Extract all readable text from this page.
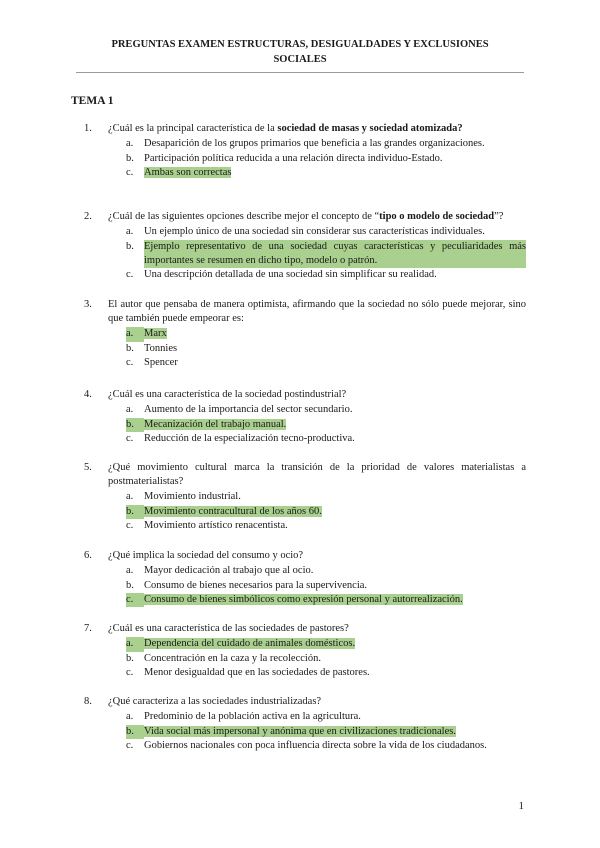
PREGUNTAS EXAMEN ESTRUCTURAS, DESIGUALDADES Y EXCLUSIONES
SOCIALES
TEMA 1
1.	¿Cuál es la principal característica de la sociedad de masas y sociedad atomizada?
a.	Desaparición de los grupos primarios que beneficia a las grandes organizaciones.
b. Participación política reducida a una relación directa individuo-Estado.
c.	Ambas son correctas
2.	¿Cuál de las siguientes opciones describe mejor el concepto de “tipo o modelo de sociedad”?
a.	Un ejemplo único de una sociedad sin considerar sus características individuales.
b. Ejemplo representativo de una sociedad cuyas características y peculiaridades más importantes se resumen en dicho tipo, modelo o patrón.
c.	Una descripción detallada de una sociedad sin simplificar su realidad.
3.	El autor que pensaba de manera optimista, afirmando que la sociedad no sólo puede mejorar, sino que también puede empeorar es:
a.	Marx
b. Tonnies
c.	Spencer
4.	¿Cuál es una característica de la sociedad postindustrial?
a.	Aumento de la importancia del sector secundario.
b. Mecanización del trabajo manual.
c.	Reducción de la especialización tecno-productiva.
5.	¿Qué movimiento cultural marca la transición de la prioridad de valores materialistas a postmaterialistas?
a.	Movimiento industrial.
b. Movimiento contracultural de los años 60.
c.	Movimiento artístico renacentista.
6.	¿Qué implica la sociedad del consumo y ocio?
a.	Mayor dedicación al trabajo que al ocio.
b. Consumo de bienes necesarios para la supervivencia.
c.	Consumo de bienes simbólicos como expresión personal y autorrealización.
7.	¿Cuál es una característica de las sociedades de pastores?
a.	Dependencia del cuidado de animales domésticos.
b. Concentración en la caza y la recolección.
c.	Menor desigualdad que en las sociedades de pastores.
8.	¿Qué caracteriza a las sociedades industrializadas?
a.	Predominio de la población activa en la agricultura.
b. Vida social más impersonal y anónima que en civilizaciones tradicionales.
c.	Gobiernos nacionales con poca influencia directa sobre la vida de los ciudadanos.
1
